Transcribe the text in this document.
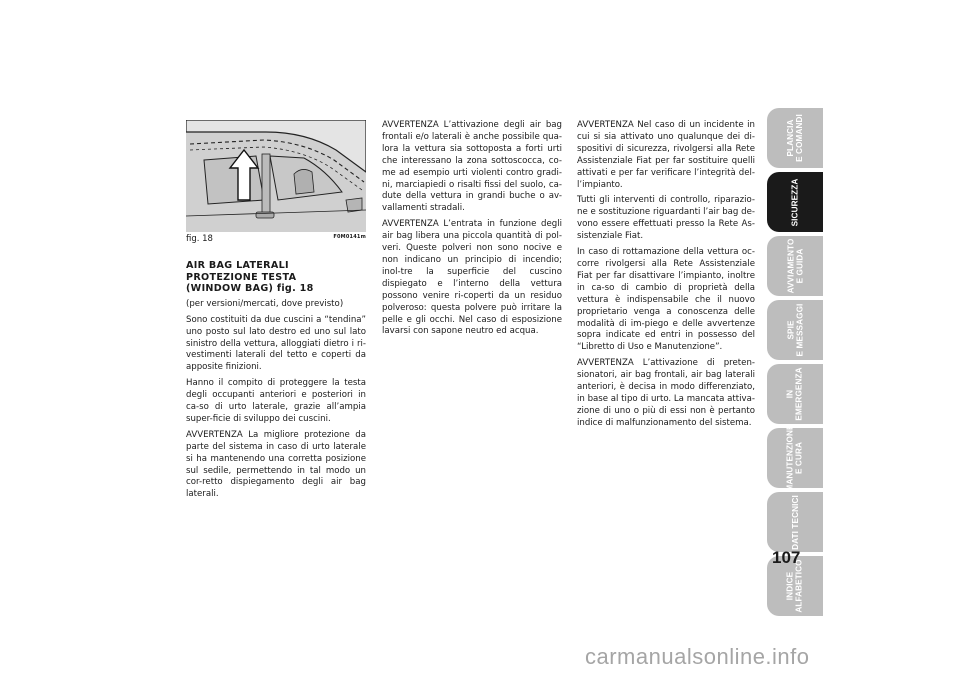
fig. 18	F0M0141m

AIR BAG LATERALI
PROTEZIONE TESTA
(WINDOW BAG) fig. 18

(per versioni/mercati, dove previsto)

Sono costituiti da due cuscini a “tendina” uno posto sul lato destro ed uno sul lato sinistro della vettura, alloggiati dietro i ri-vestimenti laterali del tetto e coperti da apposite finizioni.

Hanno il compito di proteggere la testa degli occupanti anteriori e posteriori in ca-so di urto laterale, grazie all’ampia super-ficie di sviluppo dei cuscini.

AVVERTENZA La migliore protezione da parte del sistema in caso di urto laterale si ha mantenendo una corretta posizione sul sedile, permettendo in tal modo un cor-retto dispiegamento degli air bag laterali.

AVVERTENZA L’attivazione degli air bag frontali e/o laterali è anche possibile qua-lora la vettura sia sottoposta a forti urti che interessano la zona sottoscocca, co-me ad esempio urti violenti contro gradi-ni, marciapiedi o risalti fissi del suolo, ca-dute della vettura in grandi buche o av-vallamenti stradali.

AVVERTENZA L’entrata in funzione degli air bag libera una piccola quantità di pol-veri. Queste polveri non sono nocive e non indicano un principio di incendio; inol-tre la superficie del cuscino dispiegato e l’interno della vettura possono venire ri-coperti da un residuo polveroso: questa polvere può irritare la pelle e gli occhi. Nel caso di esposizione lavarsi con sapone neutro ed acqua.

AVVERTENZA Nel caso di un incidente in cui si sia attivato uno qualunque dei di-spositivi di sicurezza, rivolgersi alla Rete Assistenziale Fiat per far sostituire quelli attivati e per far verificare l’integrità del-l’impianto.

Tutti gli interventi di controllo, riparazio-ne e sostituzione riguardanti l’air bag de-vono essere effettuati presso la Rete As-sistenziale Fiat.

In caso di rottamazione della vettura oc-corre rivolgersi alla Rete Assistenziale Fiat per far disattivare l’impianto, inoltre in ca-so di cambio di proprietà della vettura è indispensabile che il nuovo proprietario venga a conoscenza delle modalità di im-piego e delle avvertenze sopra indicate ed entri in possesso del “Libretto di Uso e Manutenzione”.

AVVERTENZA L’attivazione di preten-sionatori, air bag frontali, air bag laterali anteriori, è decisa in modo differenziato, in base al tipo di urto. La mancata attiva-zione di uno o più di essi non è pertanto indice di malfunzionamento del sistema.

PLANCIA
E COMANDI
SICUREZZA
AVVIAMENTO
E GUIDA
SPIE
E MESSAGGI
IN
EMERGENZA
MANUTENZIONE
E CURA
DATI TECNICI
INDICE
ALFABETICO
107
carmanualsonline.info
